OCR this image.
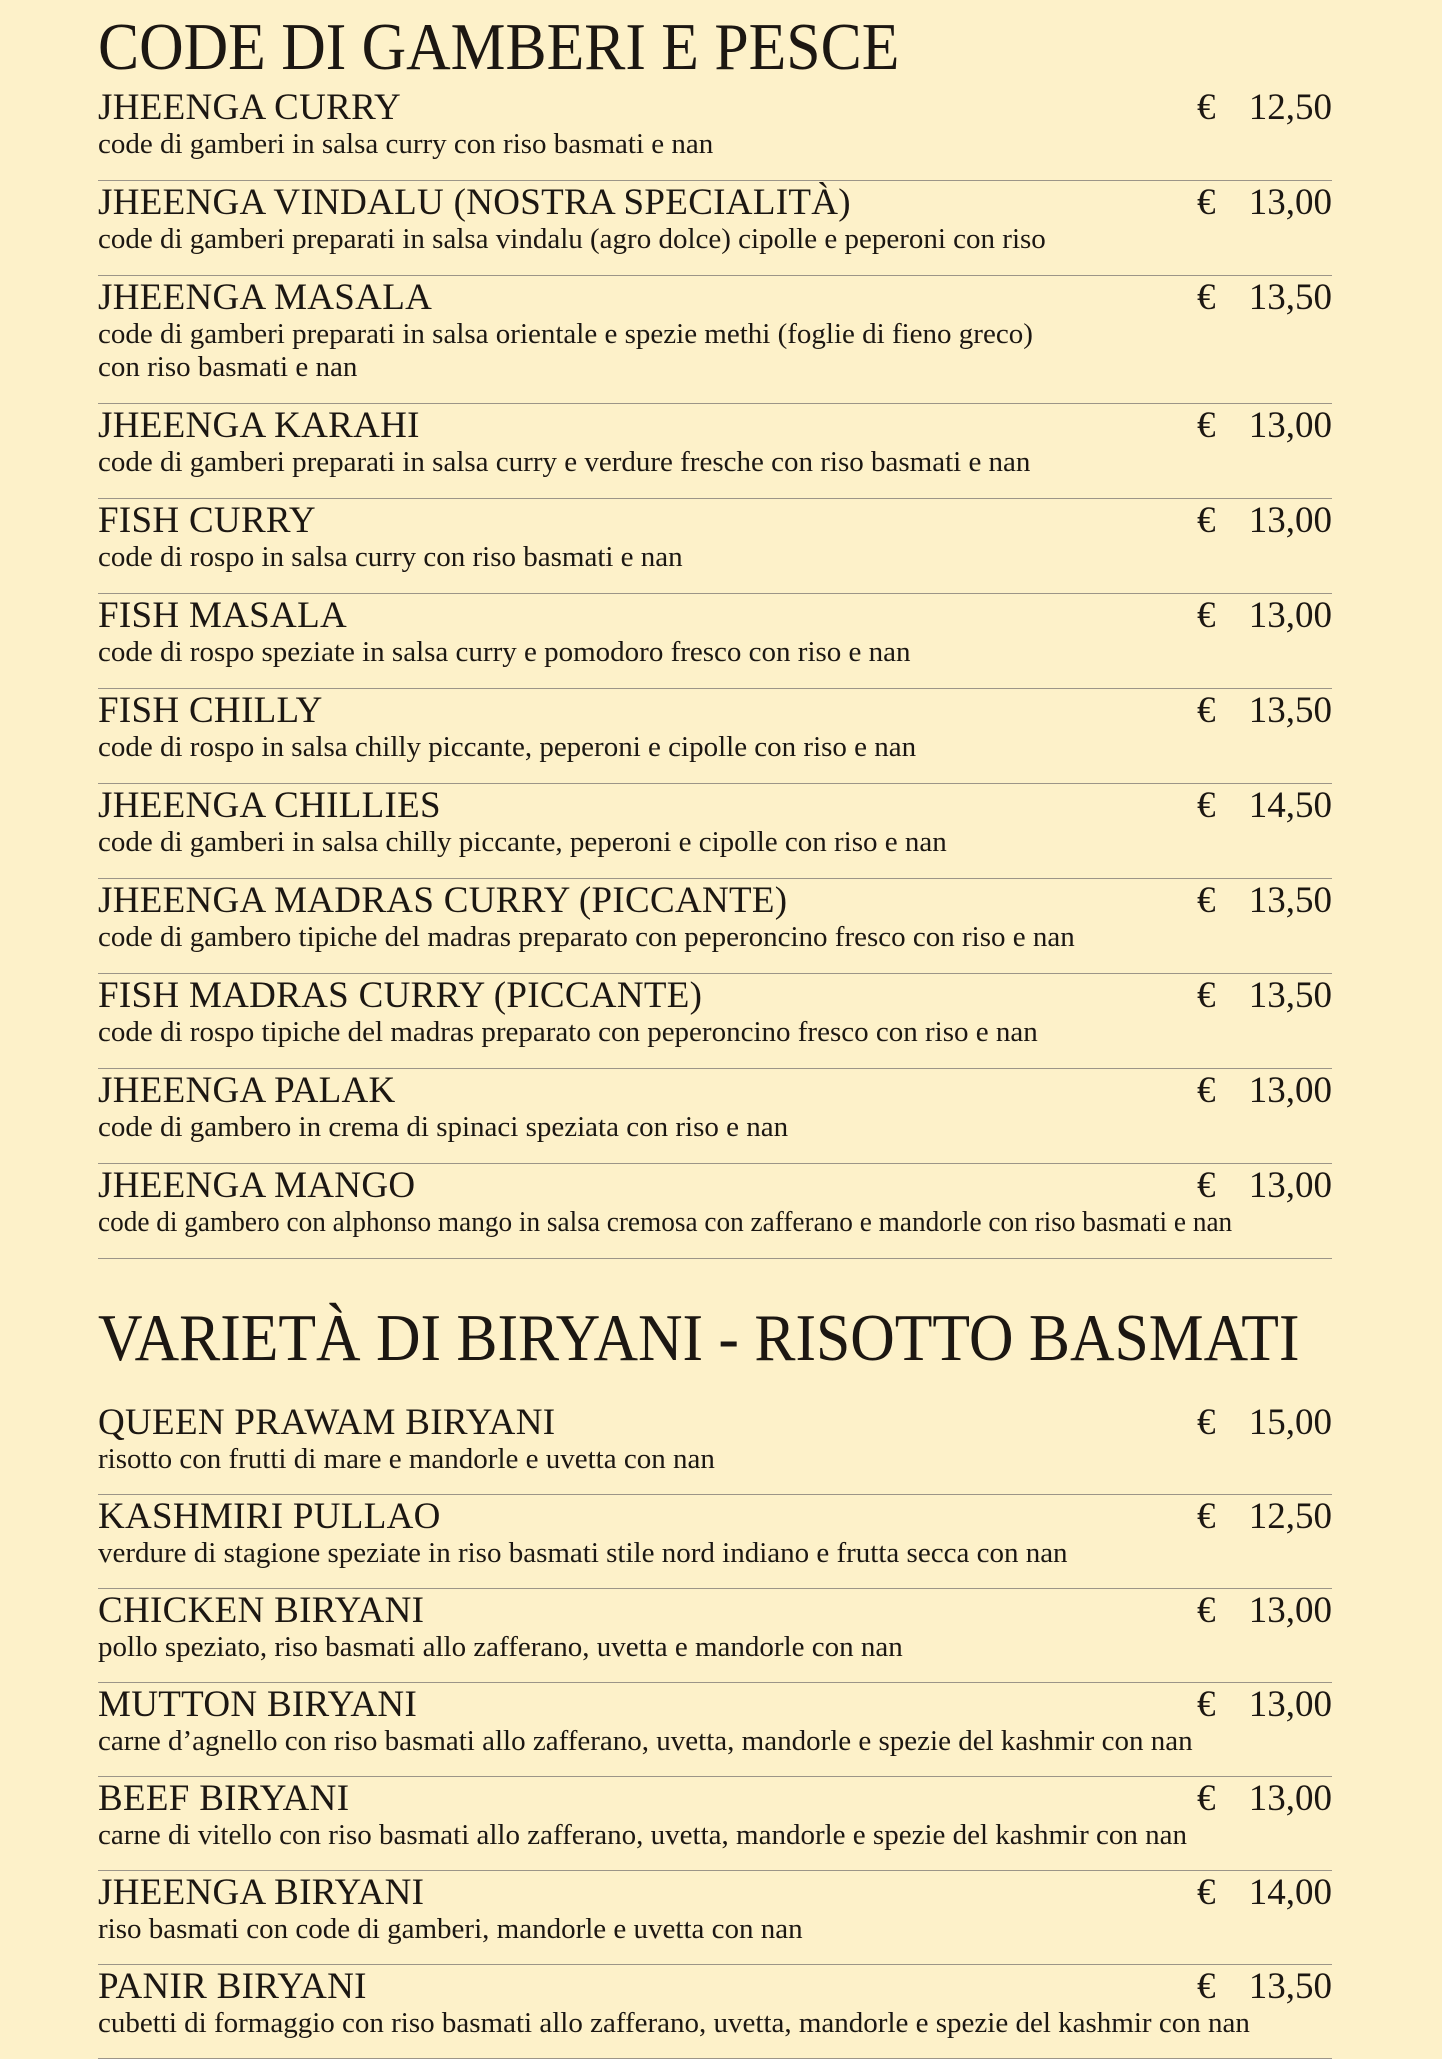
CODE DI GAMBERI E PESCE
JHEENGA CURRY	€ 12,50
code di gamberi in salsa curry con riso basmati e nan
JHEENGA VINDALU (NOSTRA SPECIALITÀ)	€ 13,00
code di gamberi preparati in salsa vindalu (agro dolce) cipolle e peperoni con riso
JHEENGA MASALA	€ 13,50
code di gamberi preparati in salsa orientale e spezie methi (foglie di fieno greco)
con riso basmati e nan
JHEENGA KARAHI	€ 13,00
code di gamberi preparati in salsa curry e verdure fresche con riso basmati e nan
FISH CURRY	€ 13,00
code di rospo in salsa curry con riso basmati e nan
FISH MASALA	€ 13,00
code di rospo speziate in salsa curry e pomodoro fresco con riso e nan
FISH CHILLY	€ 13,50
code di rospo in salsa chilly piccante, peperoni e cipolle con riso e nan
JHEENGA CHILLIES	€ 14,50
code di gamberi in salsa chilly piccante, peperoni e cipolle con riso e nan
JHEENGA MADRAS CURRY (PICCANTE)	€ 13,50
code di gambero tipiche del madras preparato con peperoncino fresco con riso e nan
FISH MADRAS CURRY (PICCANTE)	€ 13,50
code di rospo tipiche del madras preparato con peperoncino fresco con riso e nan
JHEENGA PALAK	€ 13,00
code di gambero in crema di spinaci speziata con riso e nan
JHEENGA MANGO	€ 13,00
code di gambero con alphonso mango in salsa cremosa con zafferano e mandorle con riso basmati e nan
VARIETÀ DI BIRYANI - RISOTTO BASMATI
QUEEN PRAWAM BIRYANI	€ 15,00
risotto con frutti di mare e mandorle e uvetta con nan
KASHMIRI PULLAO	€ 12,50
verdure di stagione speziate in riso basmati stile nord indiano e frutta secca con nan
CHICKEN BIRYANI	€ 13,00
pollo speziato, riso basmati allo zafferano, uvetta e mandorle con nan
MUTTON BIRYANI	€ 13,00
carne d’agnello con riso basmati allo zafferano, uvetta, mandorle e spezie del kashmir con nan
BEEF BIRYANI	€ 13,00
carne di vitello con riso basmati allo zafferano, uvetta, mandorle e spezie del kashmir con nan
JHEENGA BIRYANI	€ 14,00
riso basmati con code di gamberi, mandorle e uvetta con nan
PANIR BIRYANI	€ 13,50
cubetti di formaggio con riso basmati allo zafferano, uvetta, mandorle e spezie del kashmir con nan
